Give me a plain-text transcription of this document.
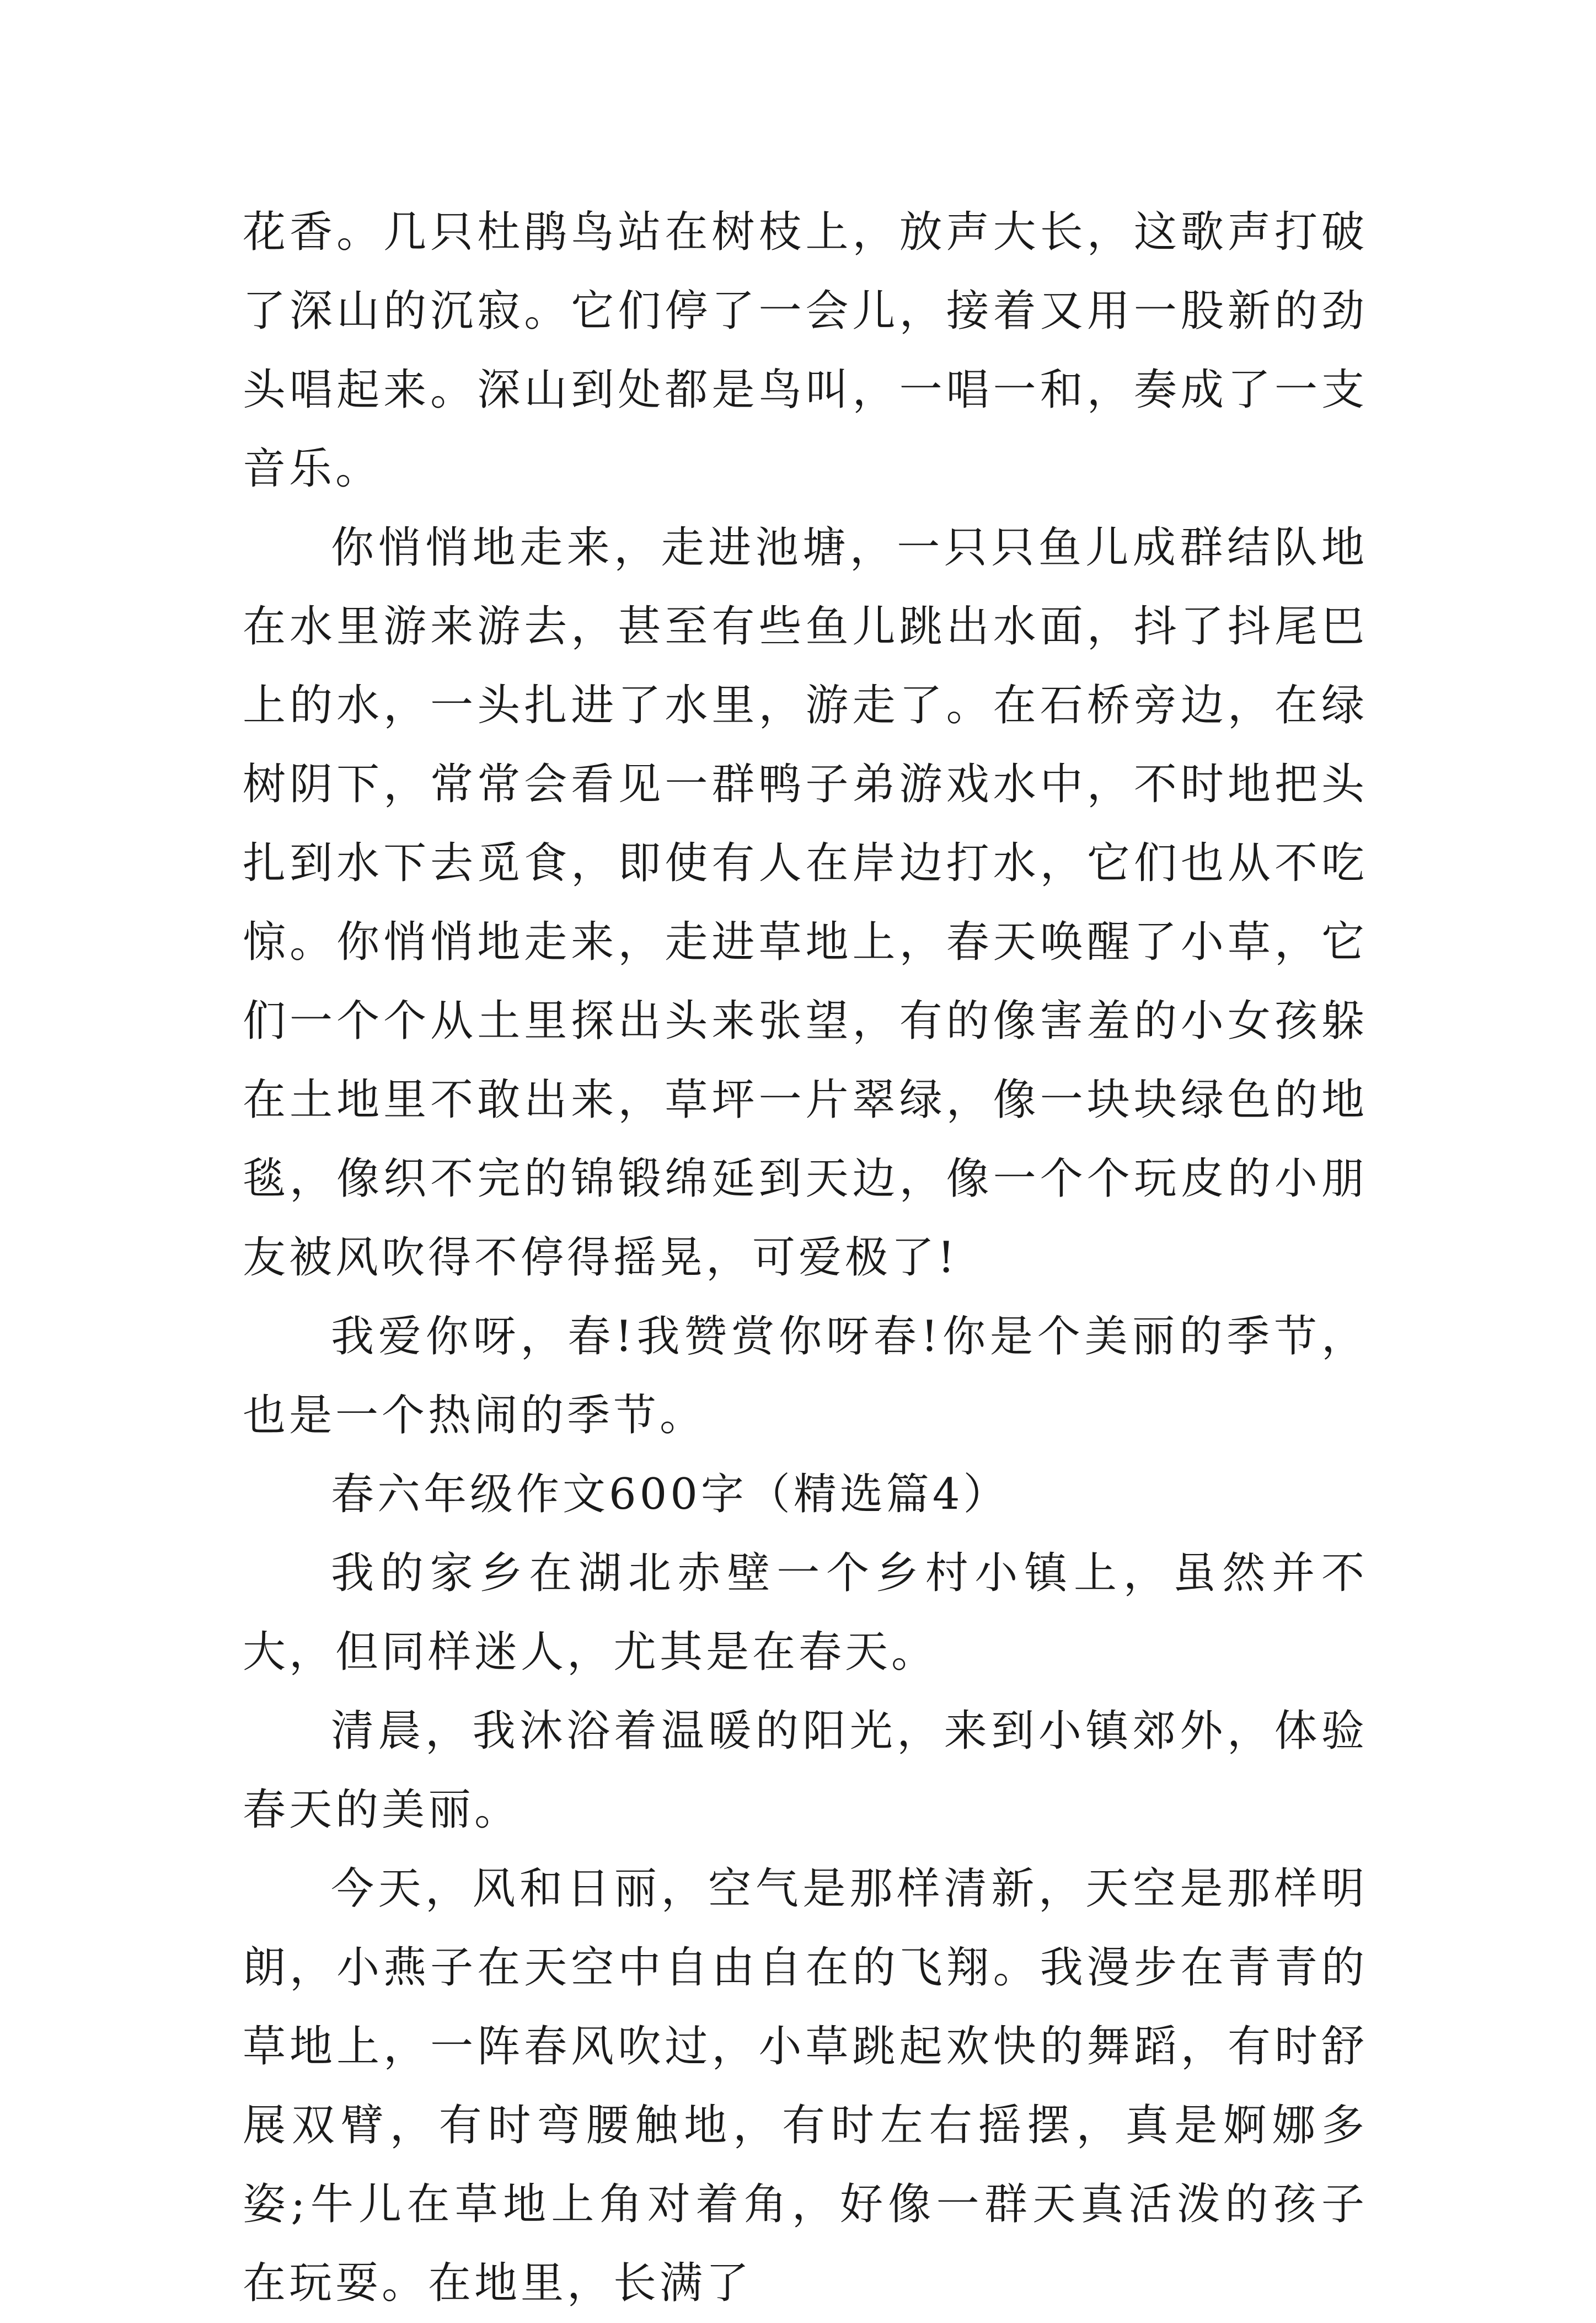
花香。几只杜鹃鸟站在树枝上，放声大长，这歌声打破了深山的沉寂。它们停了一会儿，接着又用一股新的劲头唱起来。深山到处都是鸟叫，一唱一和，奏成了一支音乐。

你悄悄地走来，走进池塘，一只只鱼儿成群结队地在水里游来游去，甚至有些鱼儿跳出水面，抖了抖尾巴上的水，一头扎进了水里，游走了。在石桥旁边，在绿树阴下，常常会看见一群鸭子弟游戏水中，不时地把头扎到水下去觅食，即使有人在岸边打水，它们也从不吃惊。你悄悄地走来，走进草地上，春天唤醒了小草，它们一个个从土里探出头来张望，有的像害羞的小女孩躲在土地里不敢出来，草坪一片翠绿，像一块块绿色的地毯，像织不完的锦锻绵延到天边，像一个个玩皮的小朋友被风吹得不停得摇晃，可爱极了!

我爱你呀，春!我赞赏你呀春!你是个美丽的季节，也是一个热闹的季节。

春六年级作文600字（精选篇4）

我的家乡在湖北赤壁一个乡村小镇上，虽然并不大，但同样迷人，尤其是在春天。

清晨，我沐浴着温暖的阳光，来到小镇郊外，体验春天的美丽。

今天，风和日丽，空气是那样清新，天空是那样明朗，小燕子在天空中自由自在的飞翔。我漫步在青青的草地上，一阵春风吹过，小草跳起欢快的舞蹈，有时舒展双臂，有时弯腰触地，有时左右摇摆，真是婀娜多姿;牛儿在草地上角对着角，好像一群天真活泼的孩子在玩耍。在地里，长满了
